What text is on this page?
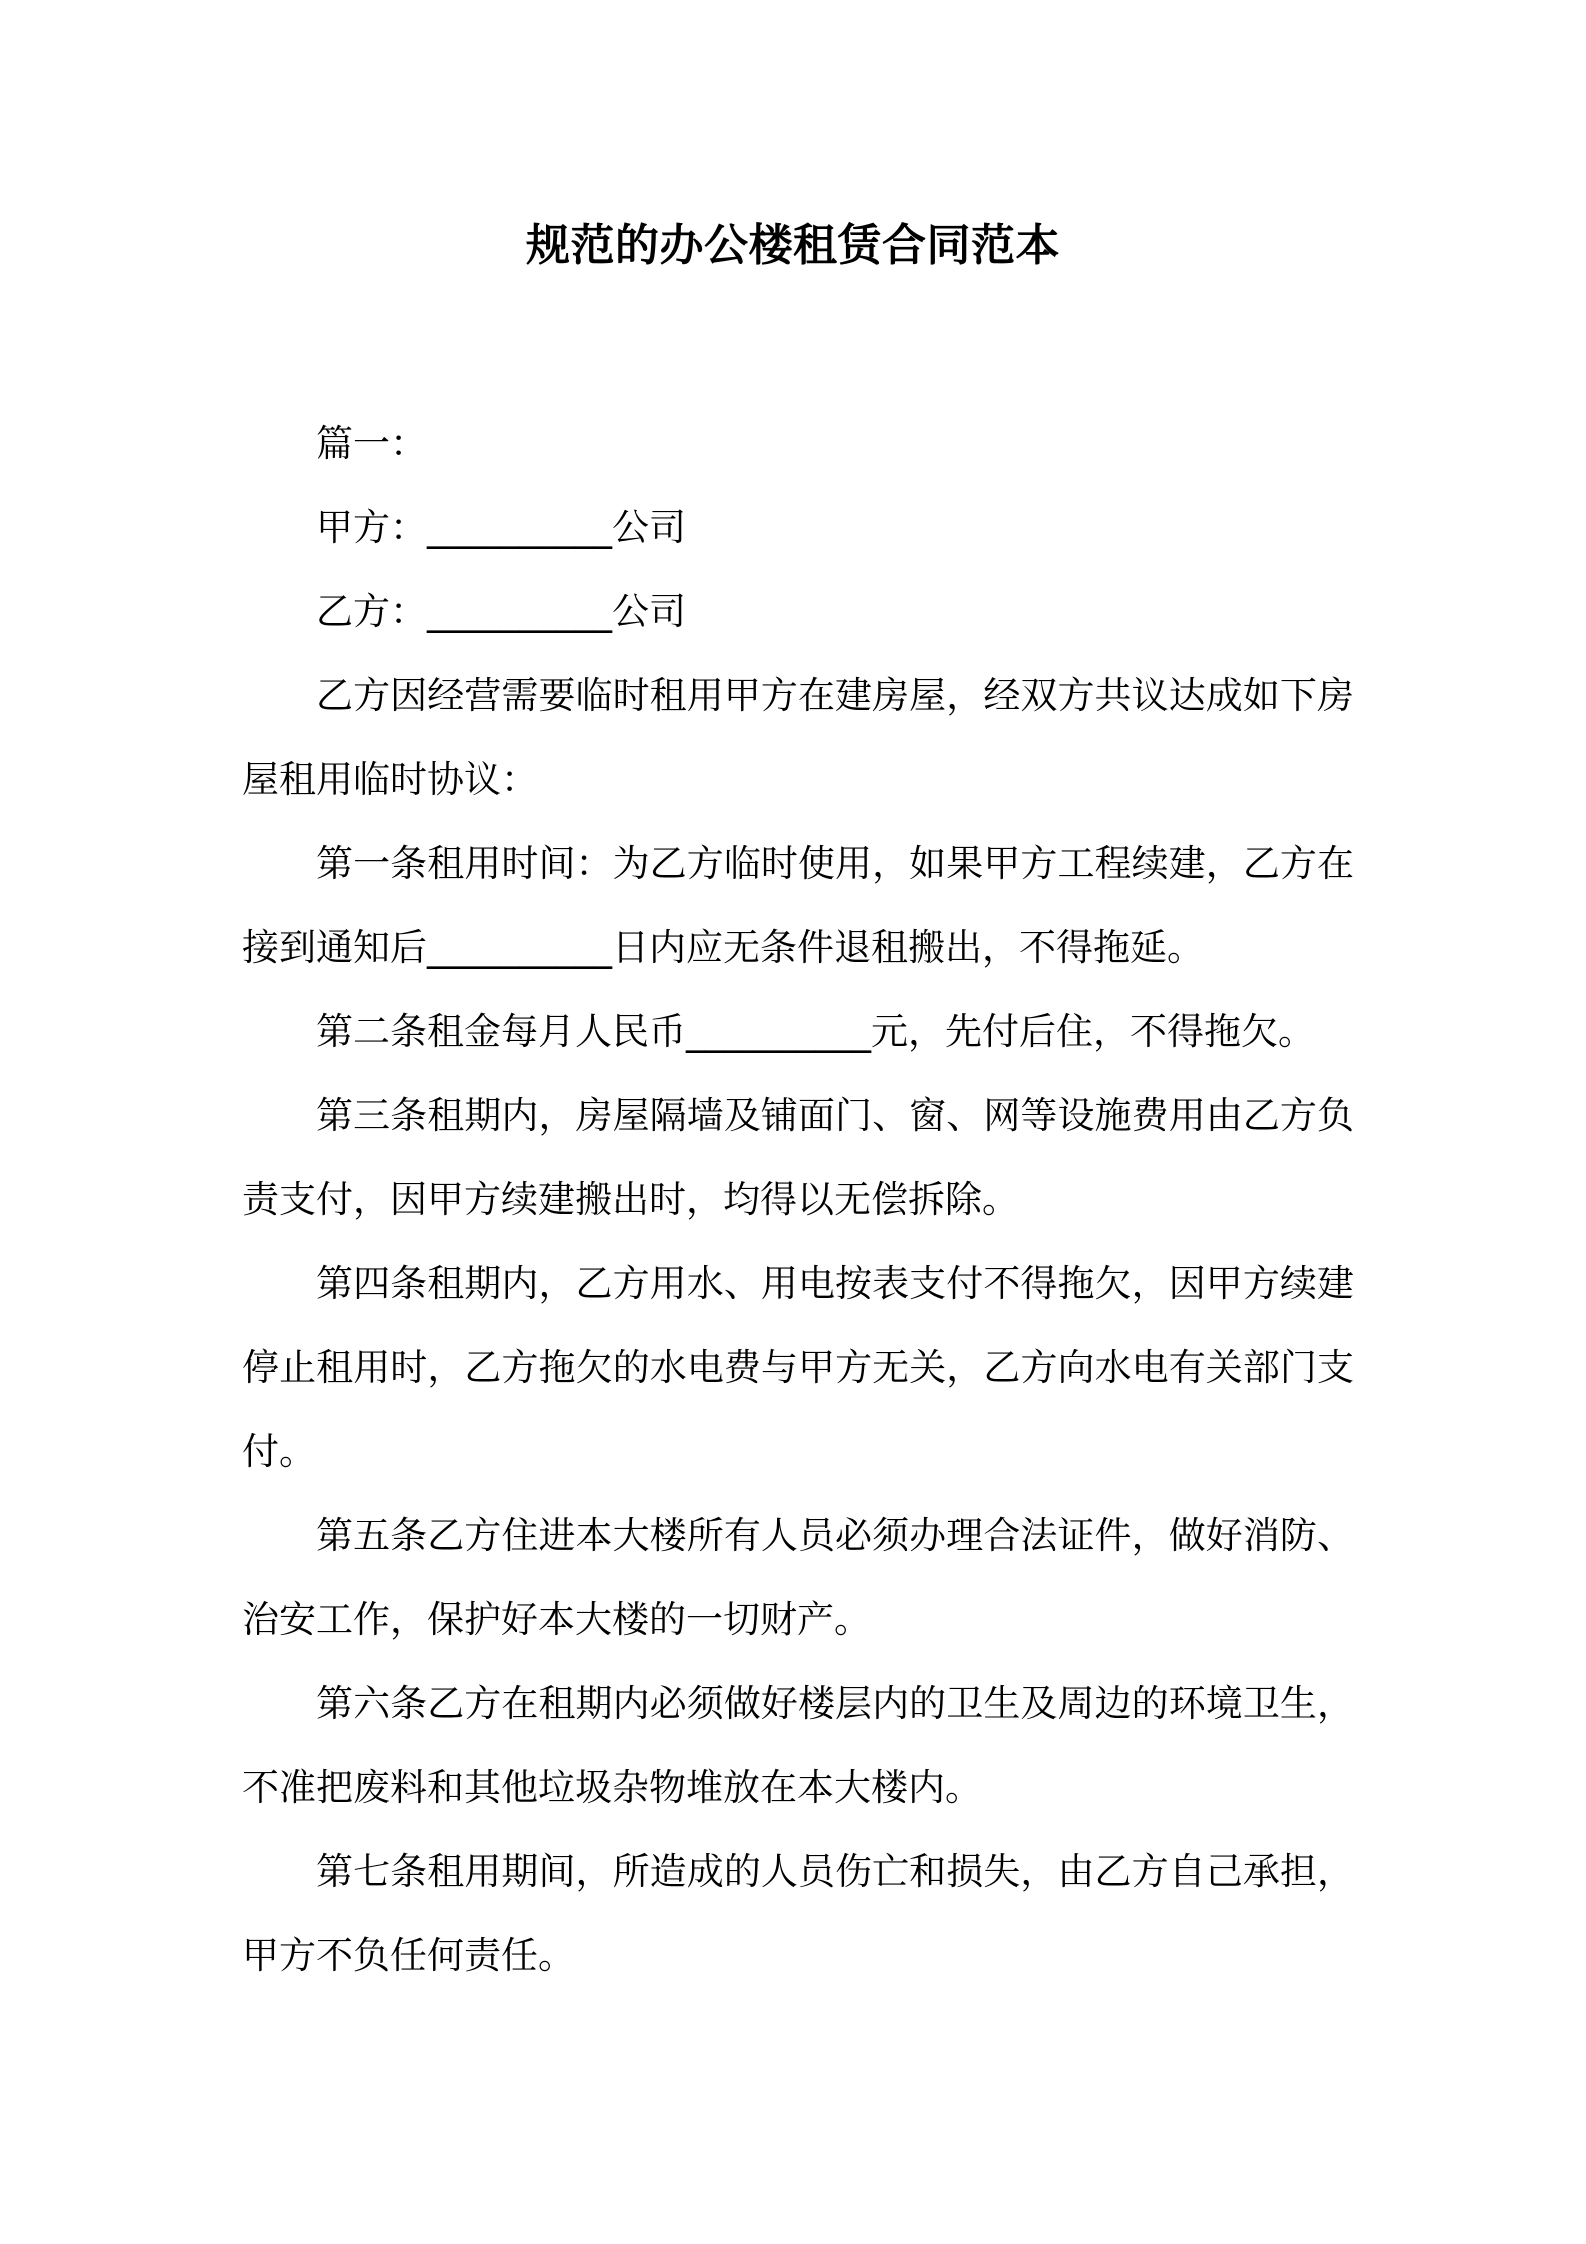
规范的办公楼租赁合同范本

篇一：

甲方：__________公司

乙方：__________公司

乙方因经营需要临时租用甲方在建房屋，经双方共议达成如下房屋租用临时协议：

第一条租用时间：为乙方临时使用，如果甲方工程续建，乙方在接到通知后__________日内应无条件退租搬出，不得拖延。

第二条租金每月人民币__________元，先付后住，不得拖欠。

第三条租期内，房屋隔墙及铺面门、窗、网等设施费用由乙方负责支付，因甲方续建搬出时，均得以无偿拆除。

第四条租期内，乙方用水、用电按表支付不得拖欠，因甲方续建停止租用时，乙方拖欠的水电费与甲方无关，乙方向水电有关部门支付。

第五条乙方住进本大楼所有人员必须办理合法证件，做好消防、治安工作，保护好本大楼的一切财产。

第六条乙方在租期内必须做好楼层内的卫生及周边的环境卫生，不准把废料和其他垃圾杂物堆放在本大楼内。

第七条租用期间，所造成的人员伤亡和损失，由乙方自己承担，甲方不负任何责任。
